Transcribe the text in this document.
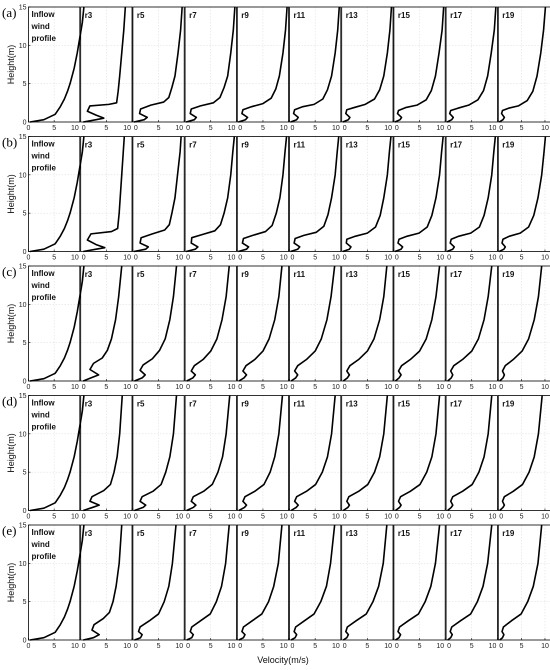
(a)
Height(m)
0	5 10
0
5
10
15
Inflow
wind
profile
0	5 10
r3
0	5 10
r5
0	5 10
r7
0	5 10
r9
0	5 10
r11
0	5 10
r13
0	5 10
r15
0	5 10
r17
0 5 10
r19
(b)
Height(m)
0	5 10
0
5
10
15
Inflow
wind
profile
0	5 10
r3
0	5 10
r5
0	5 10
r7
0	5 10
r9
0	5 10
r11
0	5 10
r13
0	5 10
r15
0	5 10
r17
0 5 10
r19
(c)
Height(m)
0	5 10
0
5
10
15
Inflow
wind
profile
0	5 10
r3
0	5 10
r5
0	5 10
r7
0	5 10
r9
0	5 10
r11
0	5 10
r13
0	5 10
r15
0	5 10
r17
0 5 10
r19
(d)
Height(m)
0	5 10
0
5
10
15
Inflow
wind
profile
0	5 10
r3
0	5 10
r5
0	5 10
r7
0	5 10
r9
0	5 10
r11
0	5 10
r13
0	5 10
r15
0	5 10
r17
0 5 10
r19
(e)
Height(m)
0	5 10
0
5
10
15
Inflow
wind
profile
0	5 10
r3
0	5 10
r5
0	5 10
r7
0	5 10
r9
0	5 10
r11
0	5 10
r13
0	5 10
r15
0	5 10
r17
0 5 10
r19
Velocity(m/s)
